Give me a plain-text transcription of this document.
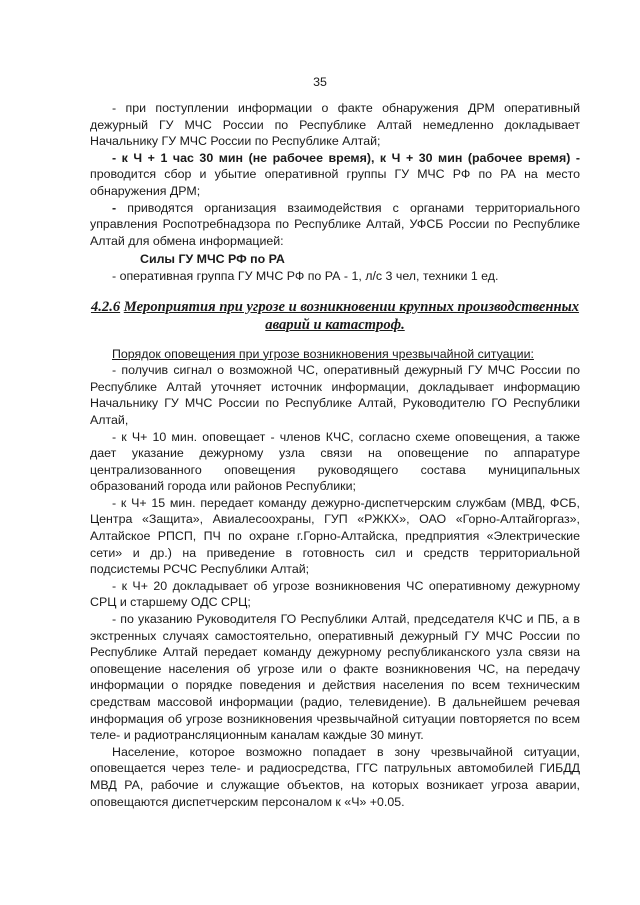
35

- при поступлении информации о факте обнаружения ДРМ оперативный дежурный ГУ МЧС России по Республике Алтай немедленно докладывает Начальнику ГУ МЧС России по Республике Алтай;

- к Ч + 1 час 30 мин (не рабочее время), к Ч + 30 мин (рабочее время) - проводится сбор и убытие оперативной группы ГУ МЧС РФ по РА на место обнаружения ДРМ;

- приводятся организация взаимодействия с органами территориального управления Роспотребнадзора по Республике Алтай, УФСБ России по Республике Алтай для обмена информацией:

Силы ГУ МЧС РФ по РА

- оперативная группа ГУ МЧС РФ по РА - 1, л/с 3 чел, техники 1 ед.

4.2.6 Мероприятия при угрозе и возникновении крупных производственных
аварий и катастроф.

Порядок оповещения при угрозе возникновения чрезвычайной ситуации:

- получив сигнал о возможной ЧС, оперативный дежурный ГУ МЧС России по Республике Алтай уточняет источник информации, докладывает информацию Начальнику ГУ МЧС России по Республике Алтай, Руководителю ГО Республики Алтай,

- к Ч+ 10 мин. оповещает - членов КЧС, согласно схеме оповещения, а также дает указание дежурному узла связи на оповещение по аппаратуре централизованного оповещения руководящего состава муниципальных образований города или районов Республики;

- к Ч+ 15 мин. передает команду дежурно-диспетчерским службам (МВД, ФСБ, Центра «Защита», Авиалесоохраны, ГУП «РЖКХ», ОАО «Горно-Алтайгоргаз», Алтайское РПСП, ПЧ по охране г.Горно-Алтайска, предприятия «Электрические сети» и др.) на приведение в готовность сил и средств территориальной подсистемы РСЧС Республики Алтай;

- к Ч+ 20 докладывает об угрозе возникновения ЧС оперативному дежурному СРЦ и старшему ОДС СРЦ;

- по указанию Руководителя ГО Республики Алтай, председателя КЧС и ПБ, а в экстренных случаях самостоятельно, оперативный дежурный ГУ МЧС России по Республике Алтай передает команду дежурному республиканского узла связи на оповещение населения об угрозе или о факте возникновения ЧС, на передачу информации о порядке поведения и действия населения по всем техническим средствам массовой информации (радио, телевидение). В дальнейшем речевая информация об угрозе возникновения чрезвычайной ситуации повторяется по всем теле- и радиотрансляционным каналам каждые 30 минут.

Население, которое возможно попадает в зону чрезвычайной ситуации, оповещается через теле- и радиосредства, ГГС патрульных автомобилей ГИБДД МВД РА, рабочие и служащие объектов, на которых возникает угроза аварии, оповещаются диспетчерским персоналом к «Ч» +0.05.
